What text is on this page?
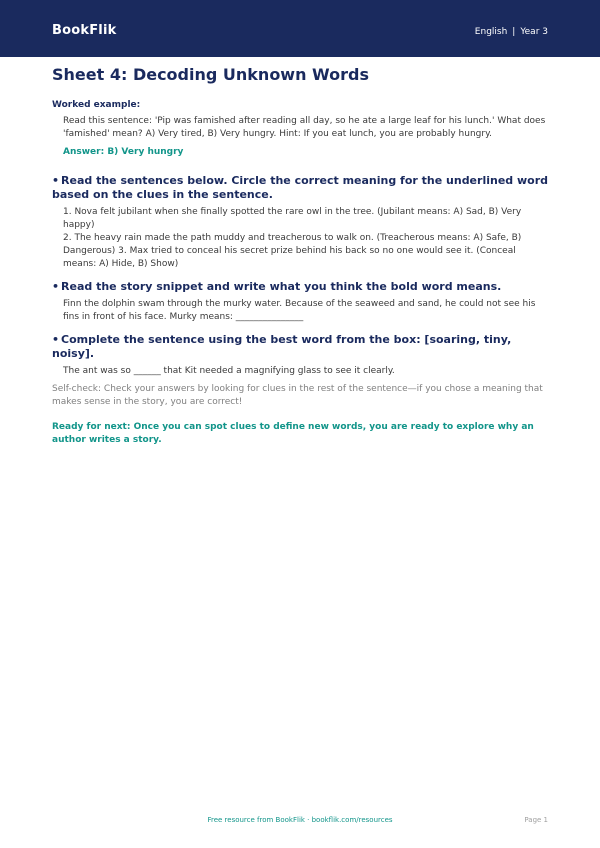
BookFlik	English | Year 3
Sheet 4: Decoding Unknown Words
Worked example:
Read this sentence: 'Pip was famished after reading all day, so he ate a large leaf for his lunch.' What does 'famished' mean? A) Very tired, B) Very hungry. Hint: If you eat lunch, you are probably hungry.
Answer: B) Very hungry
• Read the sentences below. Circle the correct meaning for the underlined word based on the clues in the sentence.
1. Nova felt jubilant when she finally spotted the rare owl in the tree. (Jubilant means: A) Sad, B) Very happy)
2. The heavy rain made the path muddy and treacherous to walk on. (Treacherous means: A) Safe, B) Dangerous) 3. Max tried to conceal his secret prize behind his back so no one would see it. (Conceal means: A) Hide, B) Show)
• Read the story snippet and write what you think the bold word means.
Finn the dolphin swam through the murky water. Because of the seaweed and sand, he could not see his fins in front of his face. Murky means: _______________
• Complete the sentence using the best word from the box: [soaring, tiny, noisy].
The ant was so ______ that Kit needed a magnifying glass to see it clearly.
Self-check: Check your answers by looking for clues in the rest of the sentence—if you chose a meaning that makes sense in the story, you are correct!
Ready for next: Once you can spot clues to define new words, you are ready to explore why an author writes a story.
Free resource from BookFlik · bookflik.com/resources	Page 1
